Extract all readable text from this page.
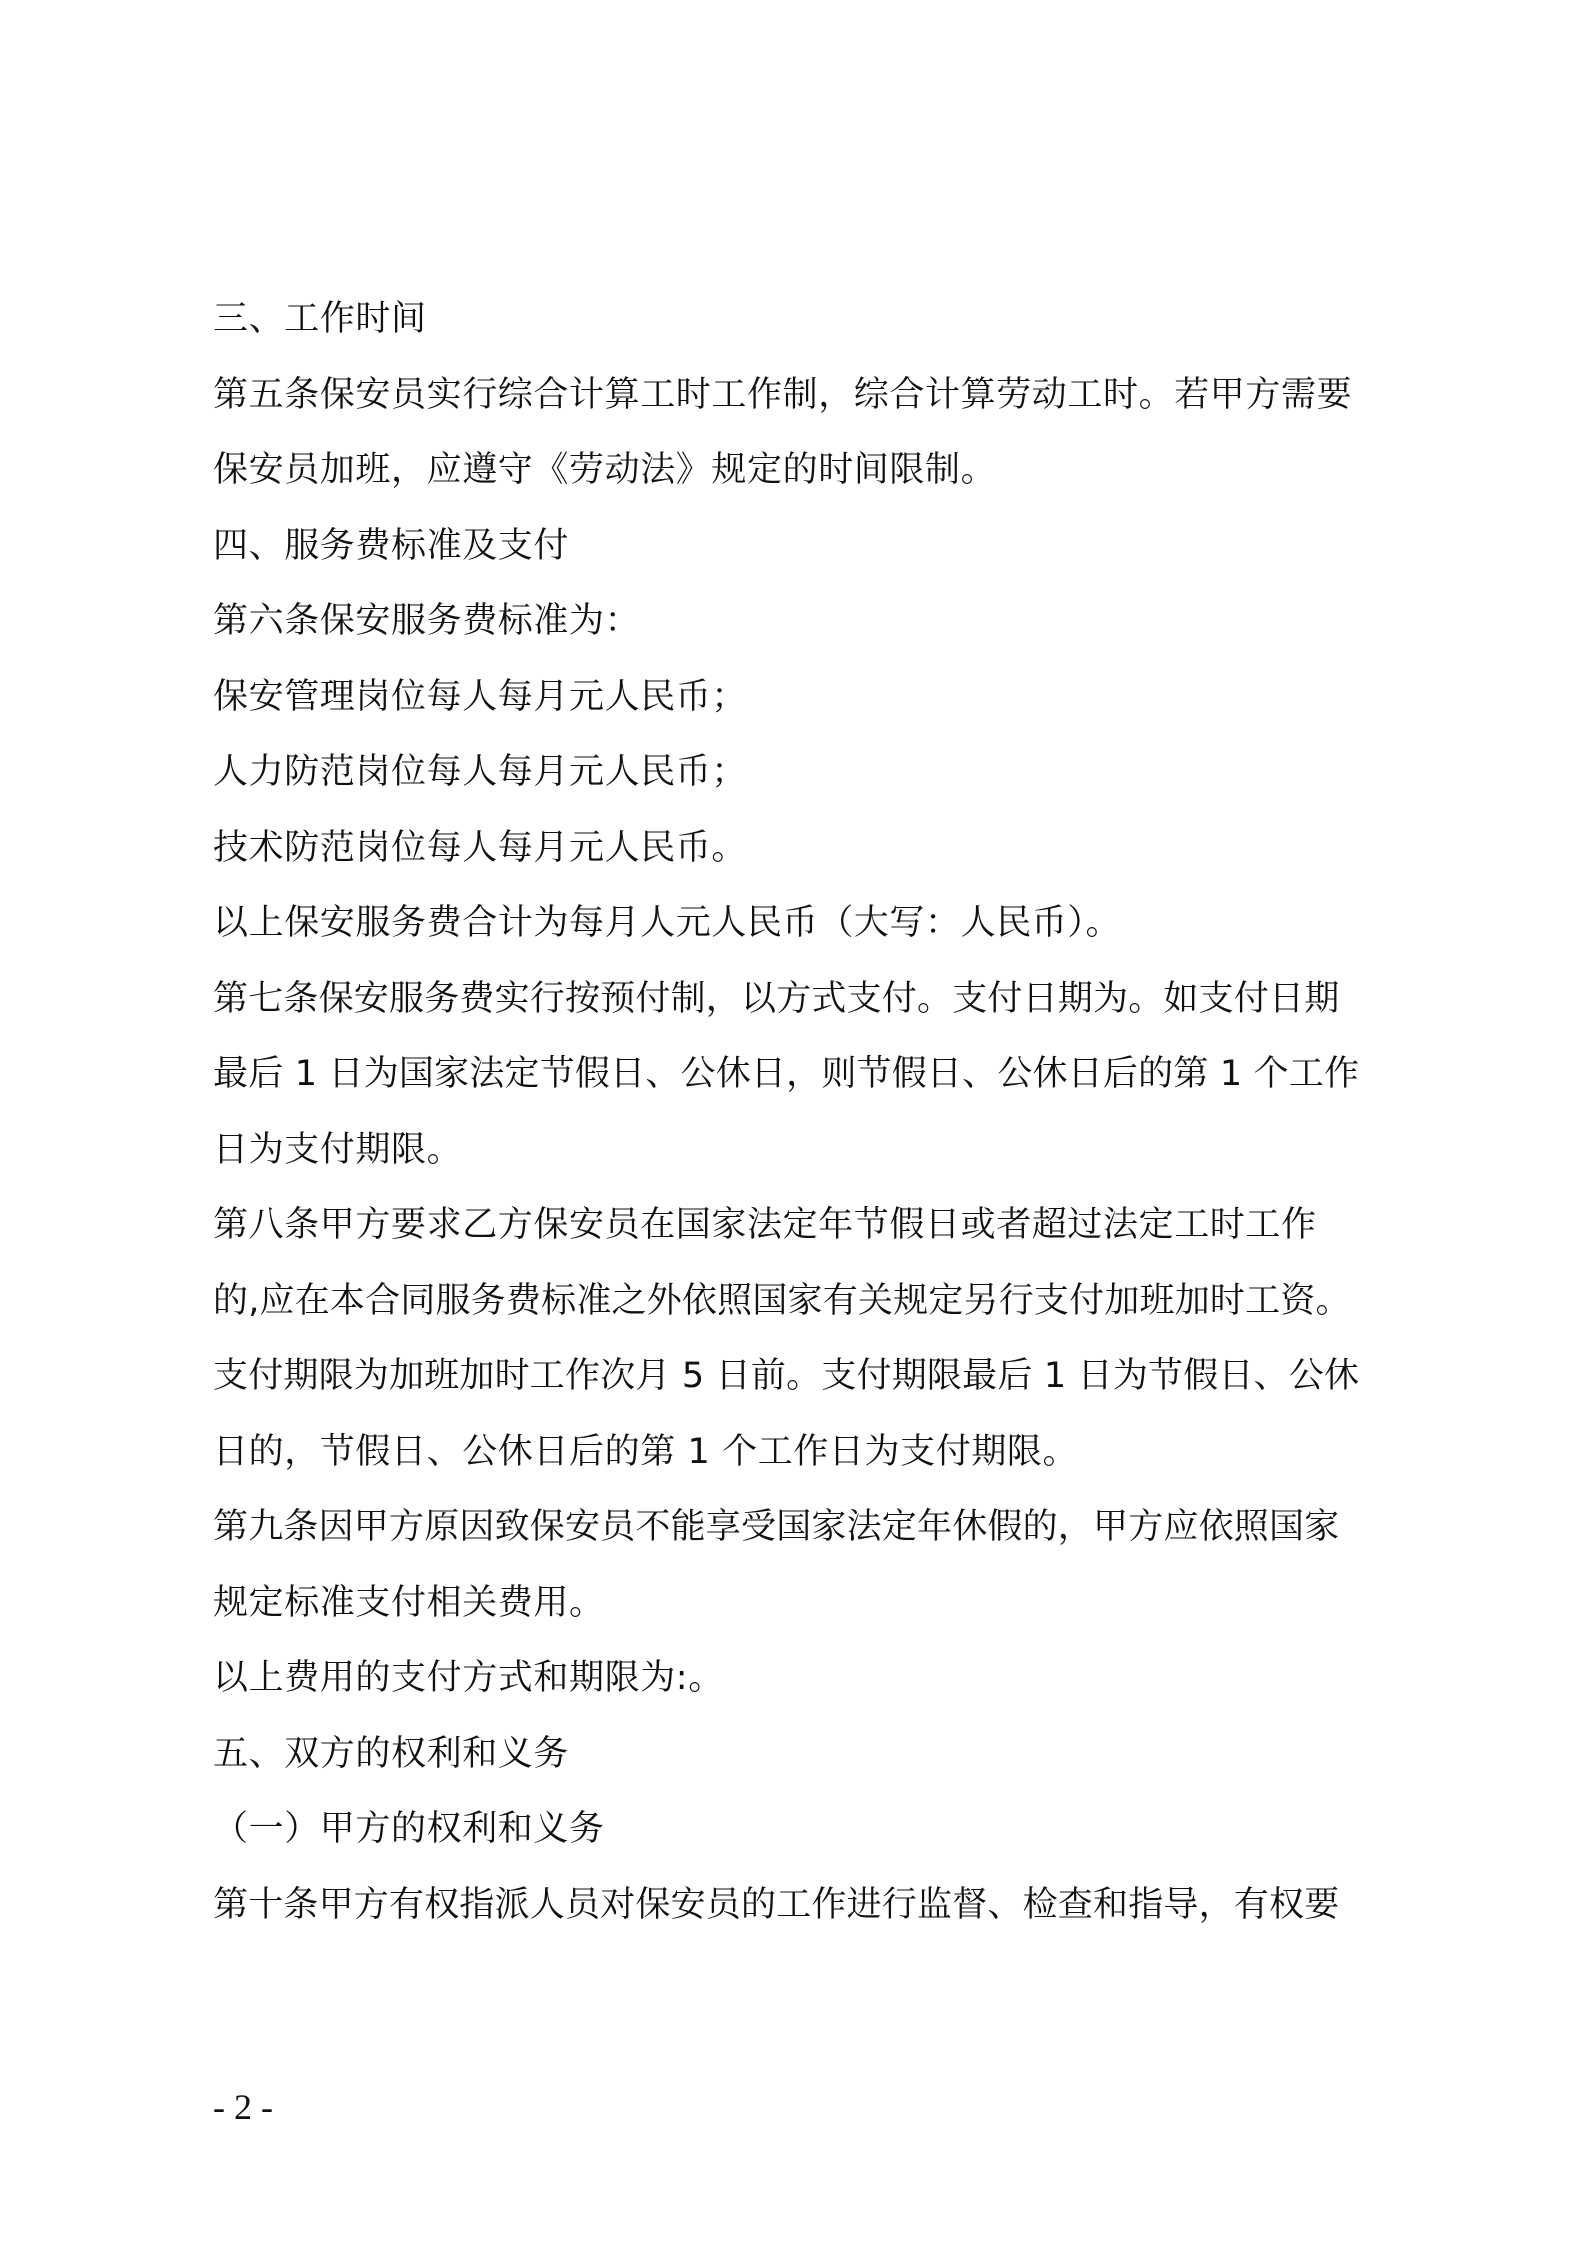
三、工作时间
第五条保安员实行综合计算工时工作制，综合计算劳动工时。若甲方需要
保安员加班，应遵守《劳动法》规定的时间限制。
四、服务费标准及支付
第六条保安服务费标准为：
保安管理岗位每人每月元人民币；
人力防范岗位每人每月元人民币；
技术防范岗位每人每月元人民币。
以上保安服务费合计为每月人元人民币（大写：人民币）。
第七条保安服务费实行按预付制，以方式支付。支付日期为。如支付日期
最后 1 日为国家法定节假日、公休日，则节假日、公休日后的第 1 个工作
日为支付期限。
第八条甲方要求乙方保安员在国家法定年节假日或者超过法定工时工作
的,应在本合同服务费标准之外依照国家有关规定另行支付加班加时工资。
支付期限为加班加时工作次月 5 日前。支付期限最后 1 日为节假日、公休
日的，节假日、公休日后的第 1 个工作日为支付期限。
第九条因甲方原因致保安员不能享受国家法定年休假的，甲方应依照国家
规定标准支付相关费用。
以上费用的支付方式和期限为:。
五、双方的权利和义务
（一）甲方的权利和义务
第十条甲方有权指派人员对保安员的工作进行监督、检查和指导，有权要
- 2 -
